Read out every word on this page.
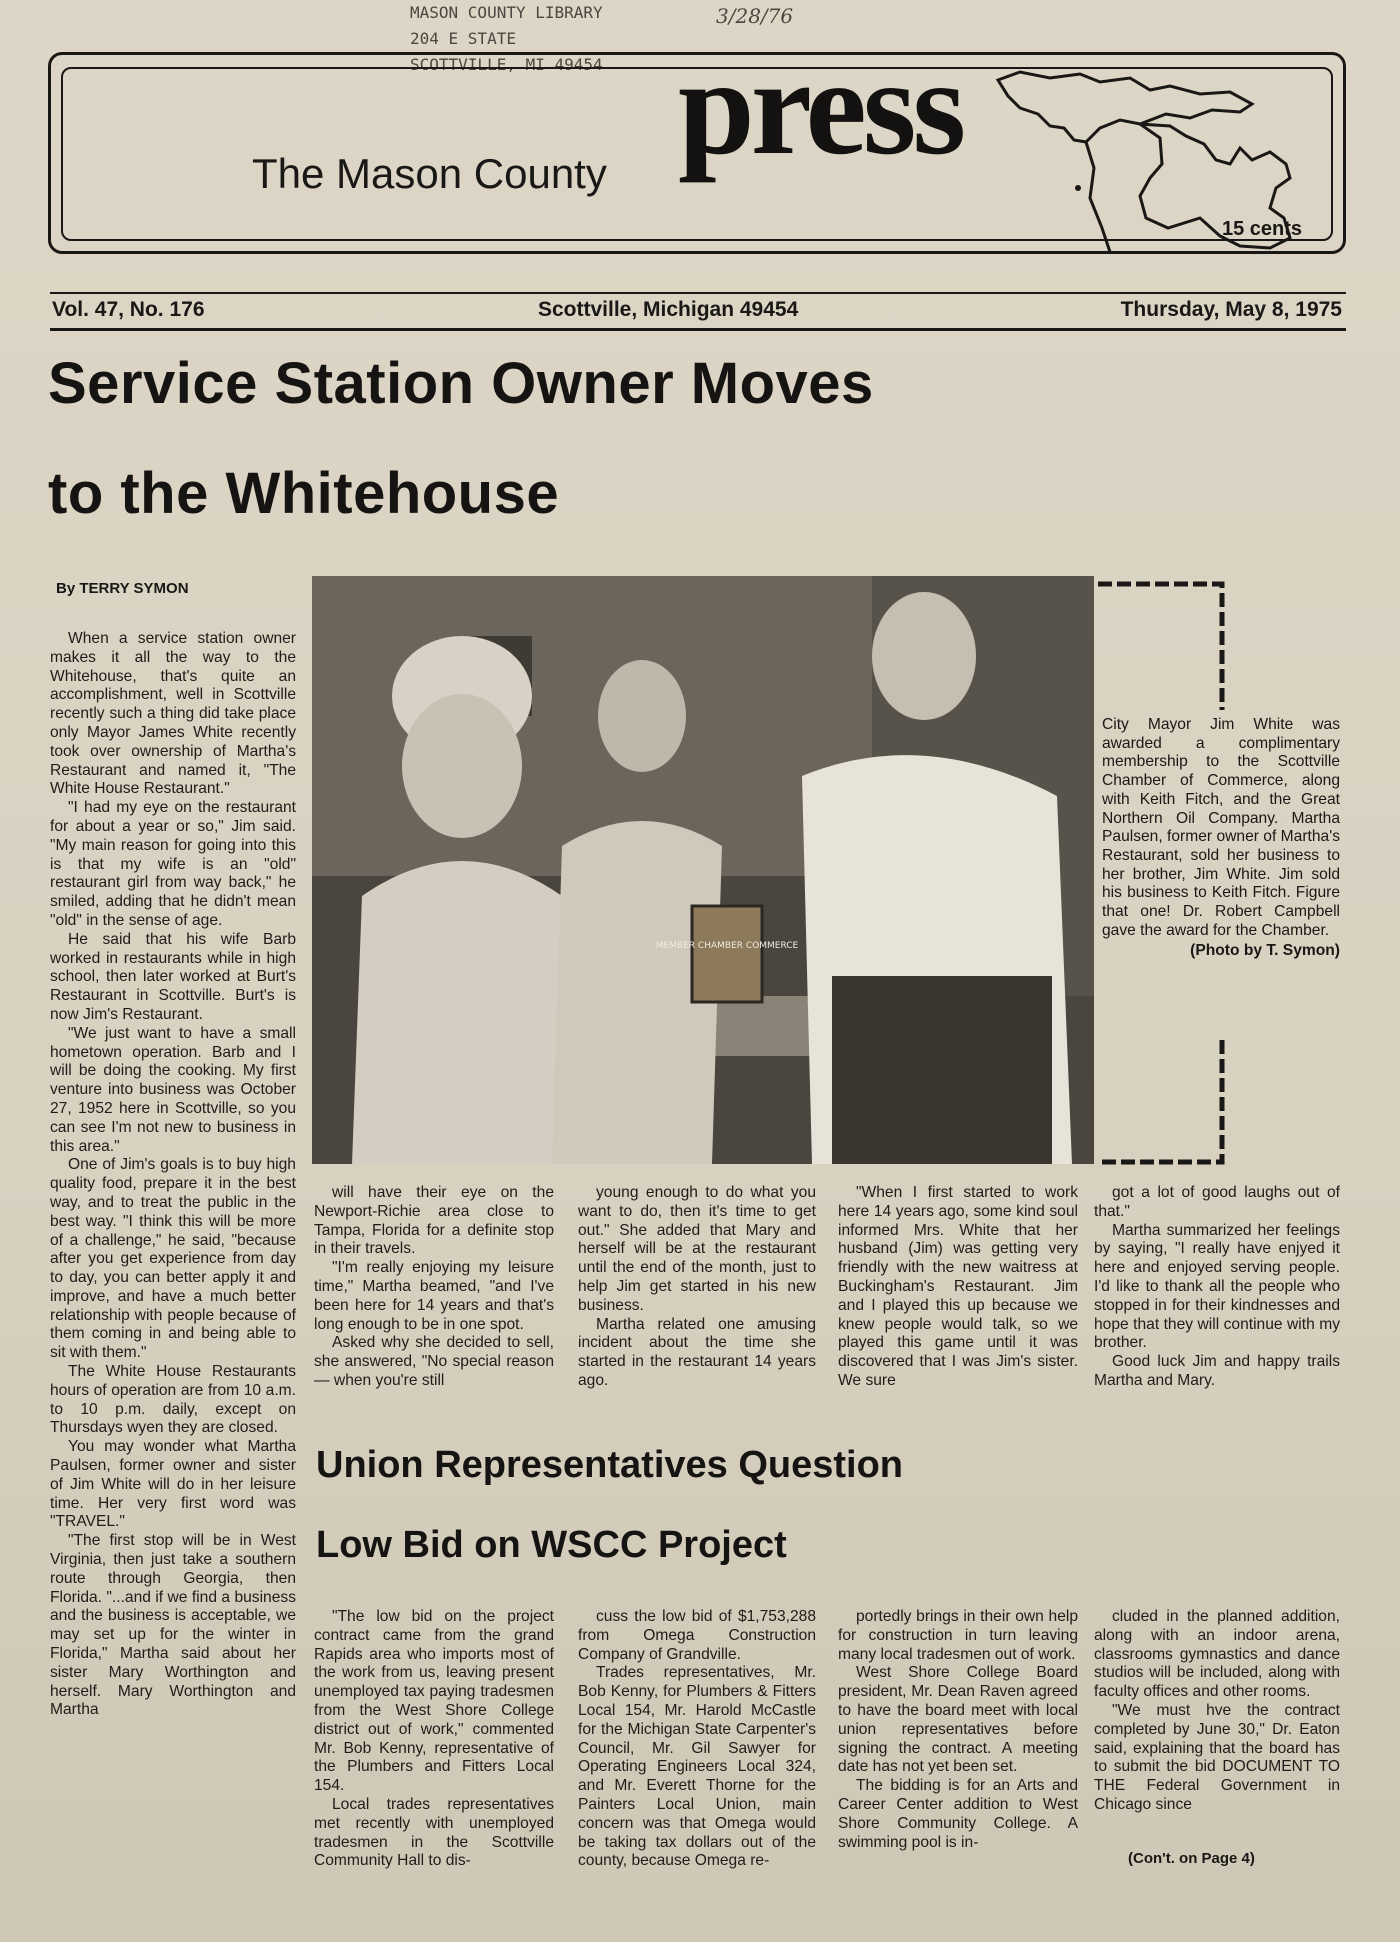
MASON COUNTY LIBRARY
204 E STATE
SCOTTVILLE, MI 49454
3/28/76
The Mason County press
15 cents
Vol. 47, No. 176	Scottville, Michigan 49454	Thursday, May 8, 1975
Service Station Owner Moves
to the Whitehouse
By TERRY SYMON

When a service station owner makes it all the way to the Whitehouse, that's quite an accomplishment, well in Scottville recently such a thing did take place only Mayor James White recently took over ownership of Martha's Restaurant and named it, "The White House Restaurant."

"I had my eye on the restaurant for about a year or so," Jim said. "My main reason for going into this is that my wife is an "old" restaurant girl from way back," he smiled, adding that he didn't mean "old" in the sense of age.

He said that his wife Barb worked in restaurants while in high school, then later worked at Burt's Restaurant in Scottville. Burt's is now Jim's Restaurant.

"We just want to have a small hometown operation. Barb and I will be doing the cooking. My first venture into business was October 27, 1952 here in Scottville, so you can see I'm not new to business in this area."

One of Jim's goals is to buy high quality food, prepare it in the best way, and to treat the public in the best way. "I think this will be more of a challenge," he said, "because after you get experience from day to day, you can better apply it and improve, and have a much better relationship with people because of them coming in and being able to sit with them."

The White House Restaurants hours of operation are from 10 a.m. to 10 p.m. daily, except on Thursdays wyen they are closed.

You may wonder what Martha Paulsen, former owner and sister of Jim White will do in her leisure time. Her very first word was "TRAVEL."

"The first stop will be in West Virginia, then just take a southern route through Georgia, then Florida. "...and if we find a business and the business is acceptable, we may set up for the winter in Florida," Martha said about her sister Mary Worthington and herself. Mary Worthington and Martha

MEMBER CHAMBER COMMERCE
City Mayor Jim White was awarded a complimentary membership to the Scottville Chamber of Commerce, along with Keith Fitch, and the Great Northern Oil Company. Martha Paulsen, former owner of Martha's Restaurant, sold her business to her brother, Jim White. Jim sold his business to Keith Fitch. Figure that one! Dr. Robert Campbell gave the award for the Chamber.
(Photo by T. Symon)

will have their eye on the Newport-Richie area close to Tampa, Florida for a definite stop in their travels.

"I'm really enjoying my leisure time," Martha beamed, "and I've been here for 14 years and that's long enough to be in one spot.

Asked why she decided to sell, she answered, "No special reason — when you're still

young enough to do what you want to do, then it's time to get out." She added that Mary and herself will be at the restaurant until the end of the month, just to help Jim get started in his new business.

Martha related one amusing incident about the time she started in the restaurant 14 years ago.

"When I first started to work here 14 years ago, some kind soul informed Mrs. White that her husband (Jim) was getting very friendly with the new waitress at Buckingham's Restaurant. Jim and I played this up because we knew people would talk, so we played this game until it was discovered that I was Jim's sister. We sure

got a lot of good laughs out of that."

Martha summarized her feelings by saying, "I really have enjyed it here and enjoyed serving people. I'd like to thank all the people who stopped in for their kindnesses and hope that they will continue with my brother.

Good luck Jim and happy trails Martha and Mary.

Union Representatives Question
Low Bid on WSCC Project

"The low bid on the project contract came from the grand Rapids area who imports most of the work from us, leaving present unemployed tax paying tradesmen from the West Shore College district out of work," commented Mr. Bob Kenny, representative of the Plumbers and Fitters Local 154.

Local trades representatives met recently with unemployed tradesmen in the Scottville Community Hall to dis-

cuss the low bid of $1,753,288 from Omega Construction Company of Grandville.

Trades representatives, Mr. Bob Kenny, for Plumbers & Fitters Local 154, Mr. Harold McCastle for the Michigan State Carpenter's Council, Mr. Gil Sawyer for Operating Engineers Local 324, and Mr. Everett Thorne for the Painters Local Union, main concern was that Omega would be taking tax dollars out of the county, because Omega re-

portedly brings in their own help for construction in turn leaving many local tradesmen out of work.

West Shore College Board president, Mr. Dean Raven agreed to have the board meet with local union representatives before signing the contract. A meeting date has not yet been set.

The bidding is for an Arts and Career Center addition to West Shore Community College. A swimming pool is in-

cluded in the planned addition, along with an indoor arena, classrooms gymnastics and dance studios will be included, along with faculty offices and other rooms.

"We must hve the contract completed by June 30," Dr. Eaton said, explaining that the board has to submit the bid DOCUMENT TO THE Federal Government in Chicago since

(Con't. on Page 4)
